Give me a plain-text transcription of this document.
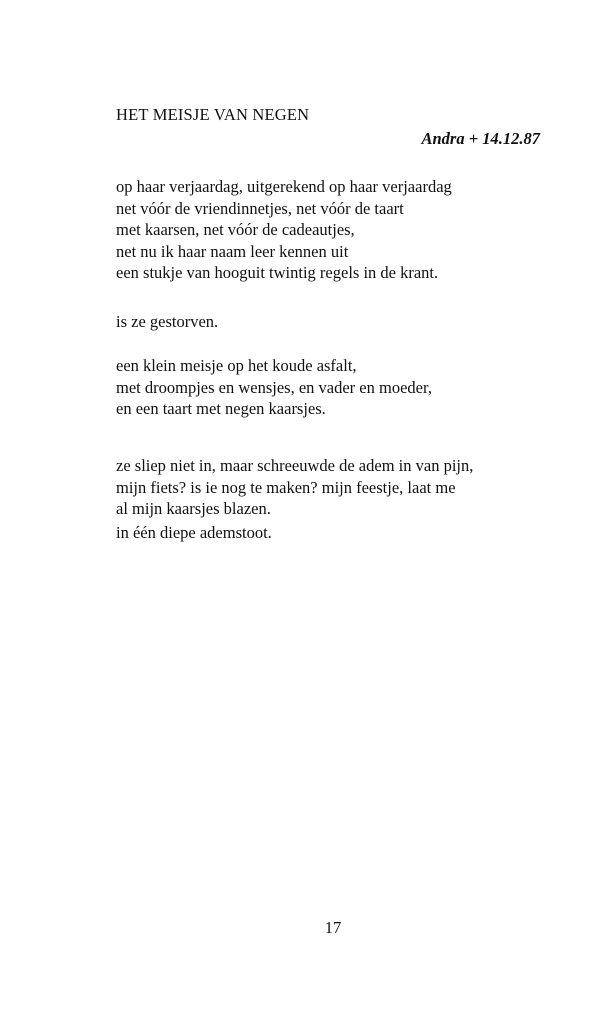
HET MEISJE VAN NEGEN
Andra + 14.12.87

op haar verjaardag, uitgerekend op haar verjaardag
net vóór de vriendinnetjes, net vóór de taart
met kaarsen, net vóór de cadeautjes,
net nu ik haar naam leer kennen uit
een stukje van hooguit twintig regels in de krant.

is ze gestorven.

een klein meisje op het koude asfalt,
met droompjes en wensjes, en vader en moeder,
en een taart met negen kaarsjes.

ze sliep niet in, maar schreeuwde de adem in van pijn,
mijn fiets? is ie nog te maken? mijn feestje, laat me
al mijn kaarsjes blazen.

in één diepe ademstoot.

17
